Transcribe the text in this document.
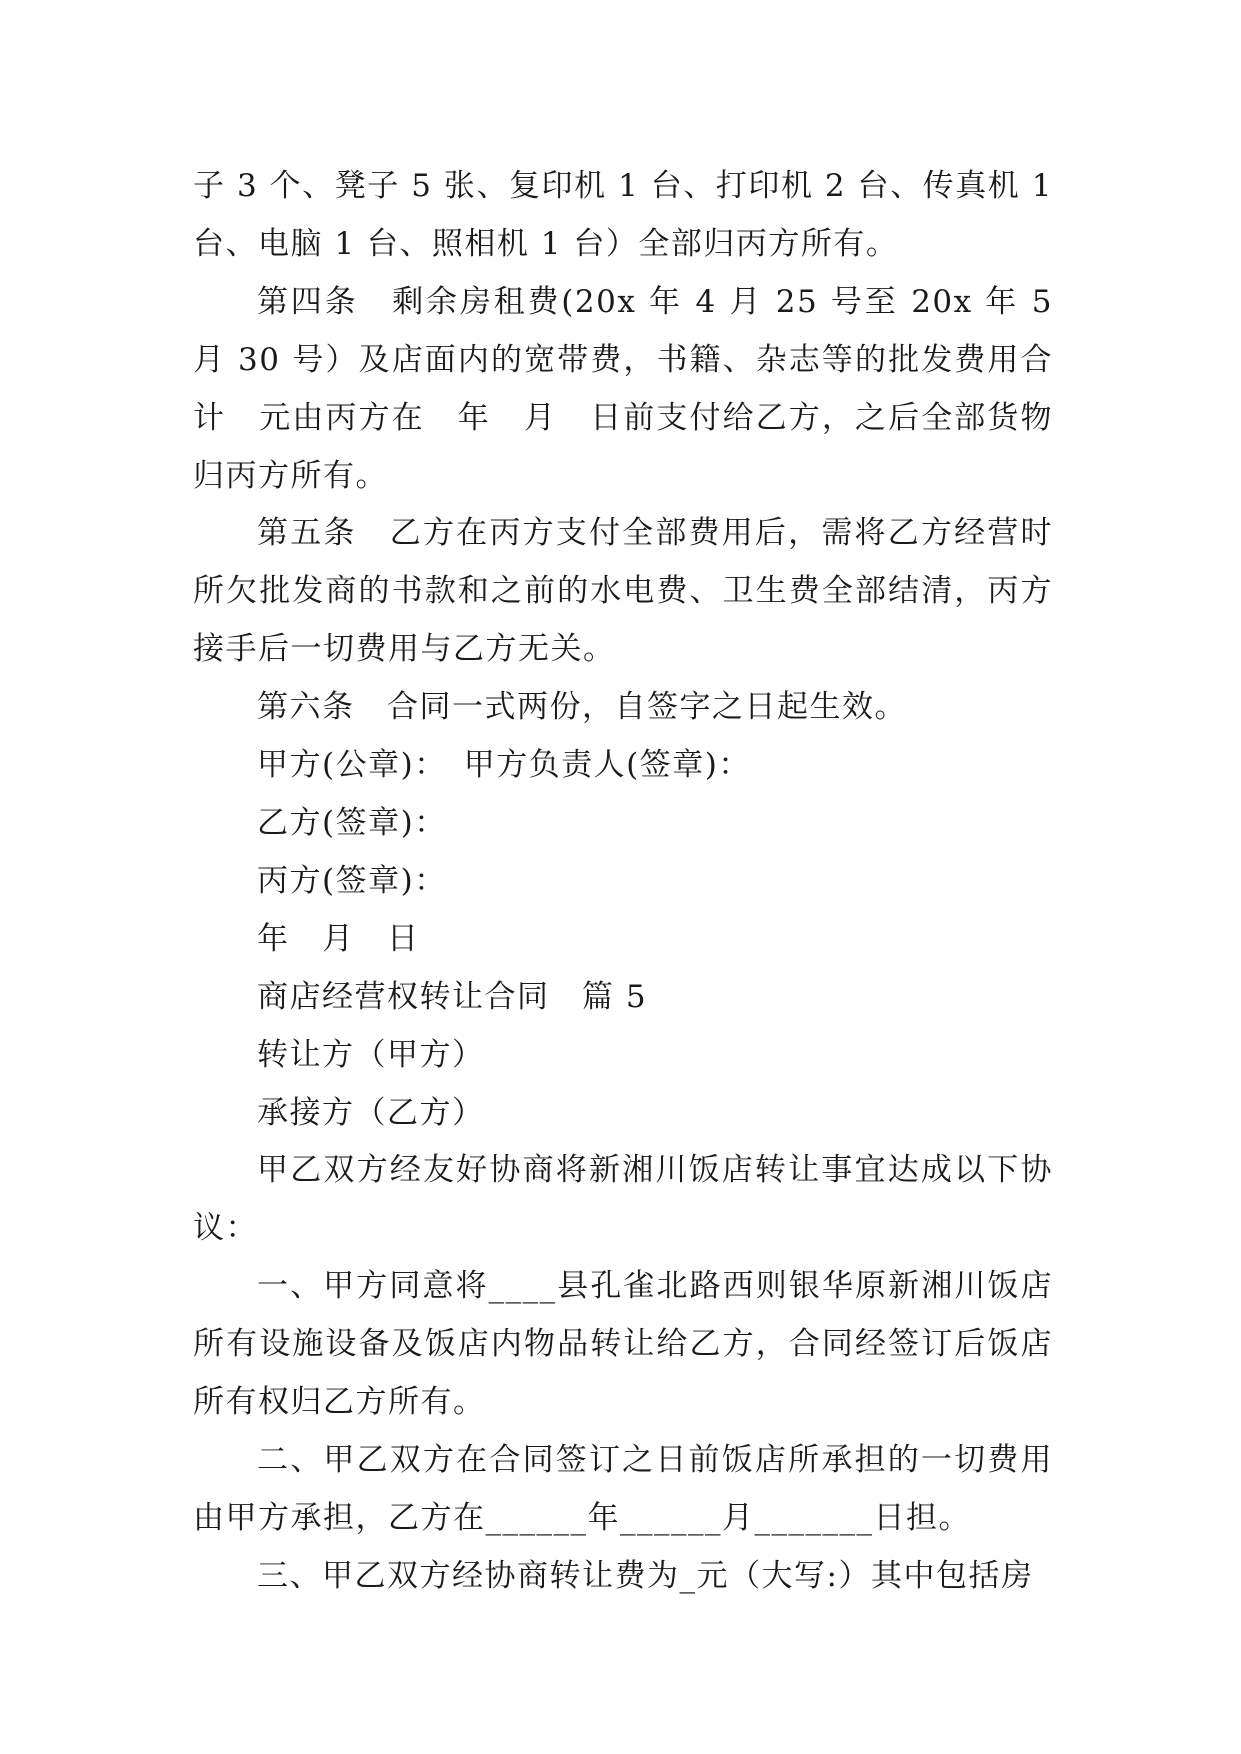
子 3 个、凳子 5 张、复印机 1 台、打印机 2 台、传真机 1 台、电脑 1 台、照相机 1 台）全部归丙方所有。

第四条　剩余房租费(20x 年 4 月 25 号至 20x 年 5 月 30 号）及店面内的宽带费，书籍、杂志等的批发费用合计　元由丙方在　年　月　日前支付给乙方，之后全部货物归丙方所有。

第五条　乙方在丙方支付全部费用后，需将乙方经营时所欠批发商的书款和之前的水电费、卫生费全部结清，丙方接手后一切费用与乙方无关。

第六条　合同一式两份，自签字之日起生效。

甲方(公章)：　甲方负责人(签章)：

乙方(签章)：

丙方(签章)：

年　月　日

商店经营权转让合同　篇 5

转让方（甲方）

承接方（乙方）

甲乙双方经友好协商将新湘川饭店转让事宜达成以下协议：

一、甲方同意将____县孔雀北路西则银华原新湘川饭店所有设施设备及饭店内物品转让给乙方，合同经签订后饭店所有权归乙方所有。

二、甲乙双方在合同签订之日前饭店所承担的一切费用由甲方承担，乙方在______年______月_______日担。

三、甲乙双方经协商转让费为_元（大写:）其中包括房
